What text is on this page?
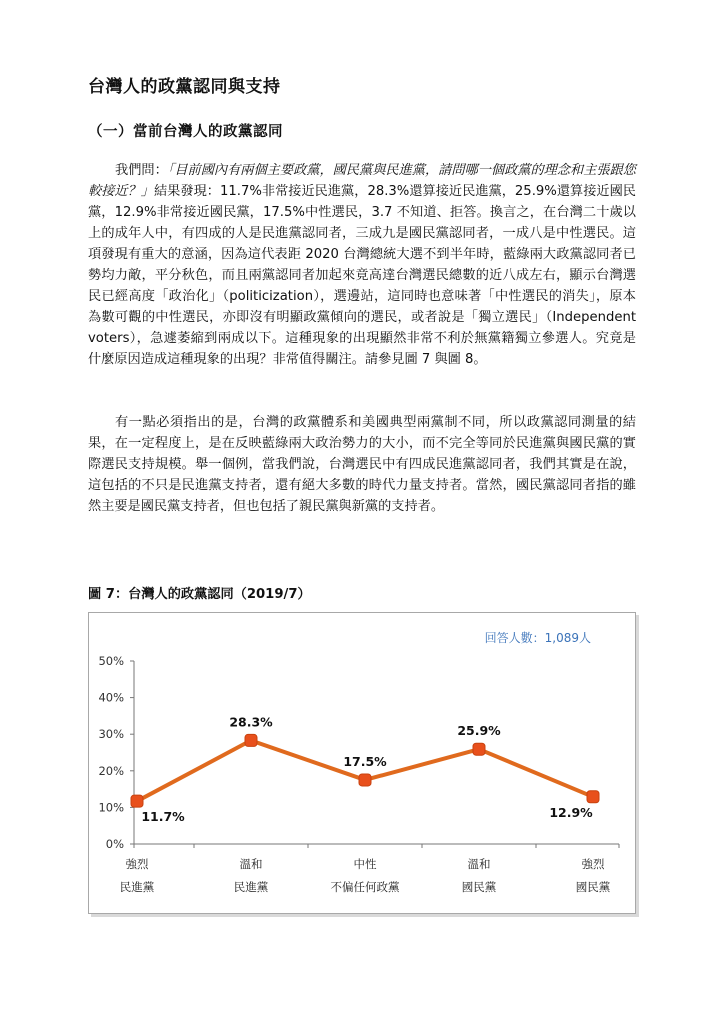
台灣人的政黨認同與支持
（一）當前台灣人的政黨認同

我們問：「目前國內有兩個主要政黨，國民黨與民進黨，請問哪一個政黨的理念和主張跟您較接近？」結果發現：11.7%非常接近民進黨，28.3%還算接近民進黨，25.9%還算接近國民黨，12.9%非常接近國民黨，17.5%中性選民，3.7 不知道、拒答。換言之，在台灣二十歲以上的成年人中，有四成的人是民進黨認同者，三成九是國民黨認同者，一成八是中性選民。這項發現有重大的意涵，因為這代表距 2020 台灣總統大選不到半年時，藍綠兩大政黨認同者已勢均力敵，平分秋色，而且兩黨認同者加起來竟高達台灣選民總數的近八成左右，顯示台灣選民已經高度「政治化」（politicization），選邊站，這同時也意味著「中性選民的消失」，原本為數可觀的中性選民，亦即沒有明顯政黨傾向的選民，或者說是「獨立選民」（Independent voters），急遽萎縮到兩成以下。這種現象的出現顯然非常不利於無黨籍獨立參選人。究竟是什麼原因造成這種現象的出現？非常值得關注。請參見圖 7 與圖 8。

有一點必須指出的是，台灣的政黨體系和美國典型兩黨制不同，所以政黨認同測量的結果，在一定程度上，是在反映藍綠兩大政治勢力的大小，而不完全等同於民進黨與國民黨的實際選民支持規模。舉一個例，當我們說，台灣選民中有四成民進黨認同者，我們其實是在說，這包括的不只是民進黨支持者，還有絕大多數的時代力量支持者。當然，國民黨認同者指的雖然主要是國民黨支持者，但也包括了親民黨與新黨的支持者。

圖 7：台灣人的政黨認同（2019/7）
0%
10%
20%
30%
40%
50%
強烈
民進黨
溫和
民進黨
中性
不偏任何政黨
溫和
國民黨
強烈
國民黨
回答人數：1,089人
11.7%
28.3%
17.5%
25.9%
12.9%
